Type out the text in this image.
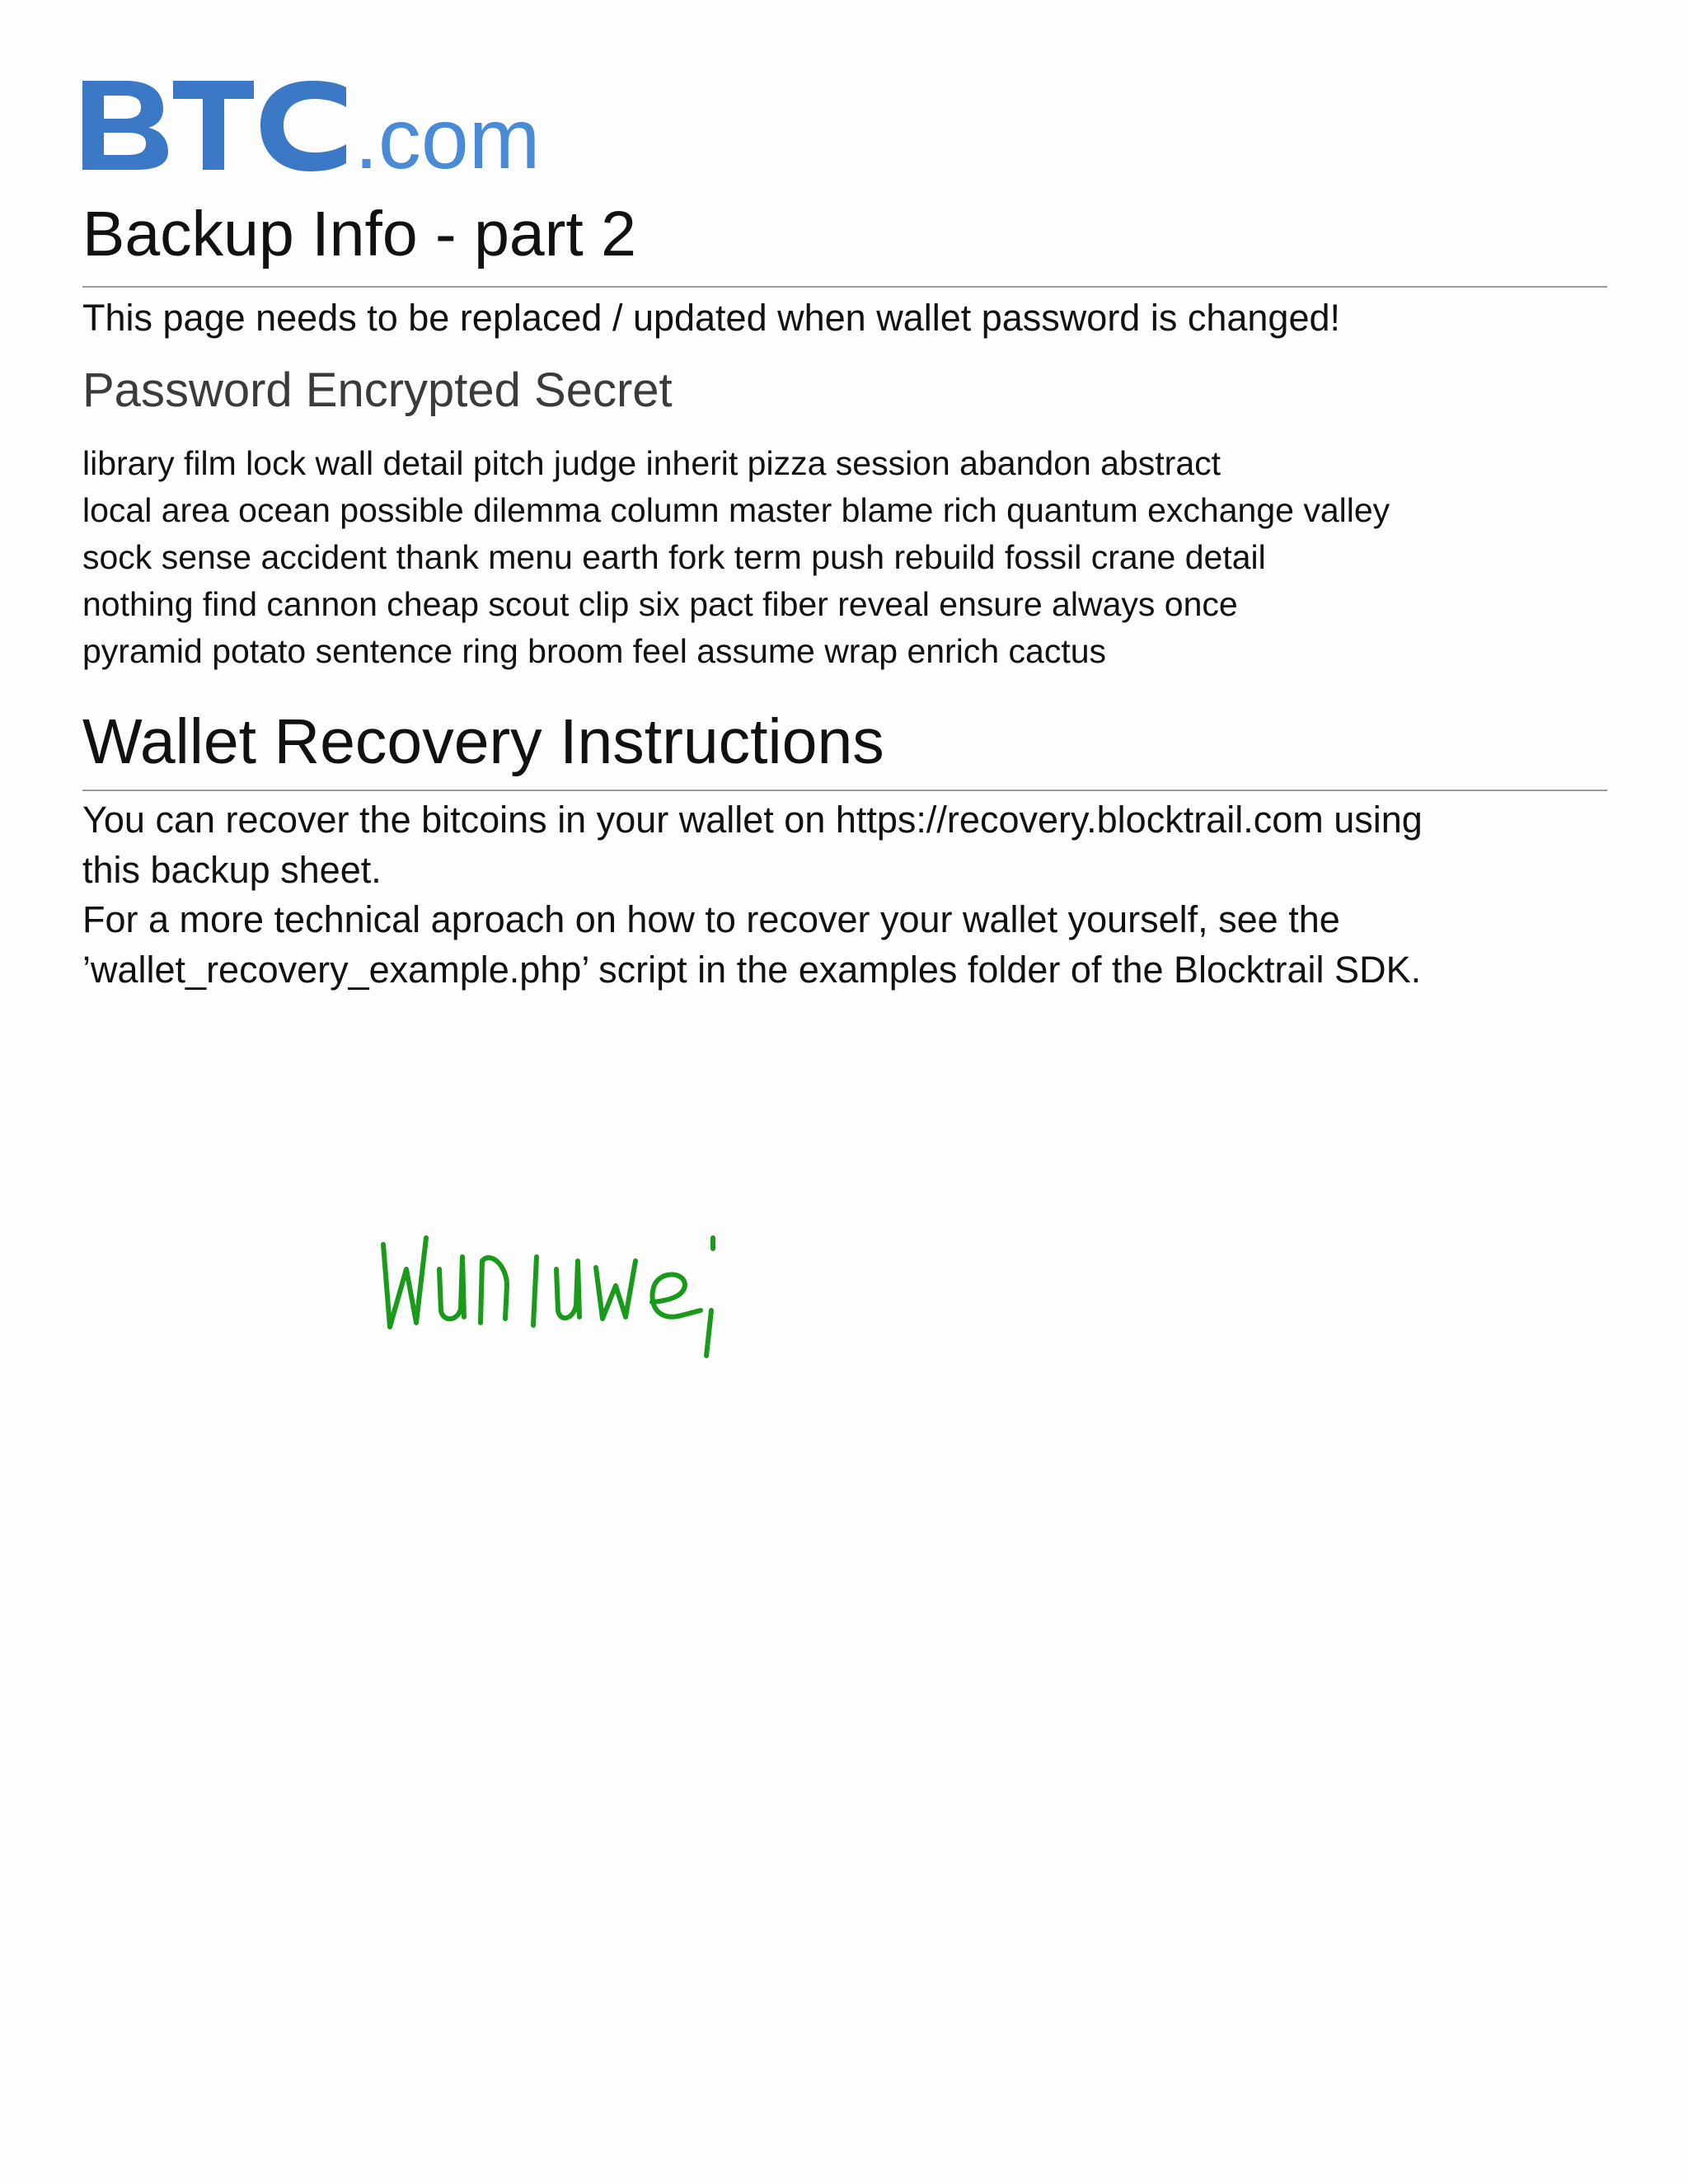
.com
Backup Info - part 2

This page needs to be replaced / updated when wallet password is changed!

Password Encrypted Secret
library film lock wall detail pitch judge inherit pizza session abandon abstract
local area ocean possible dilemma column master blame rich quantum exchange valley
sock sense accident thank menu earth fork term push rebuild fossil crane detail
nothing find cannon cheap scout clip six pact fiber reveal ensure always once
pyramid potato sentence ring broom feel assume wrap enrich cactus
Wallet Recovery Instructions

You can recover the bitcoins in your wallet on https://recovery.blocktrail.com using this backup sheet.

For a more technical aproach on how to recover your wallet yourself, see the ’wallet_recovery_example.php’ script in the examples folder of the Blocktrail SDK.
